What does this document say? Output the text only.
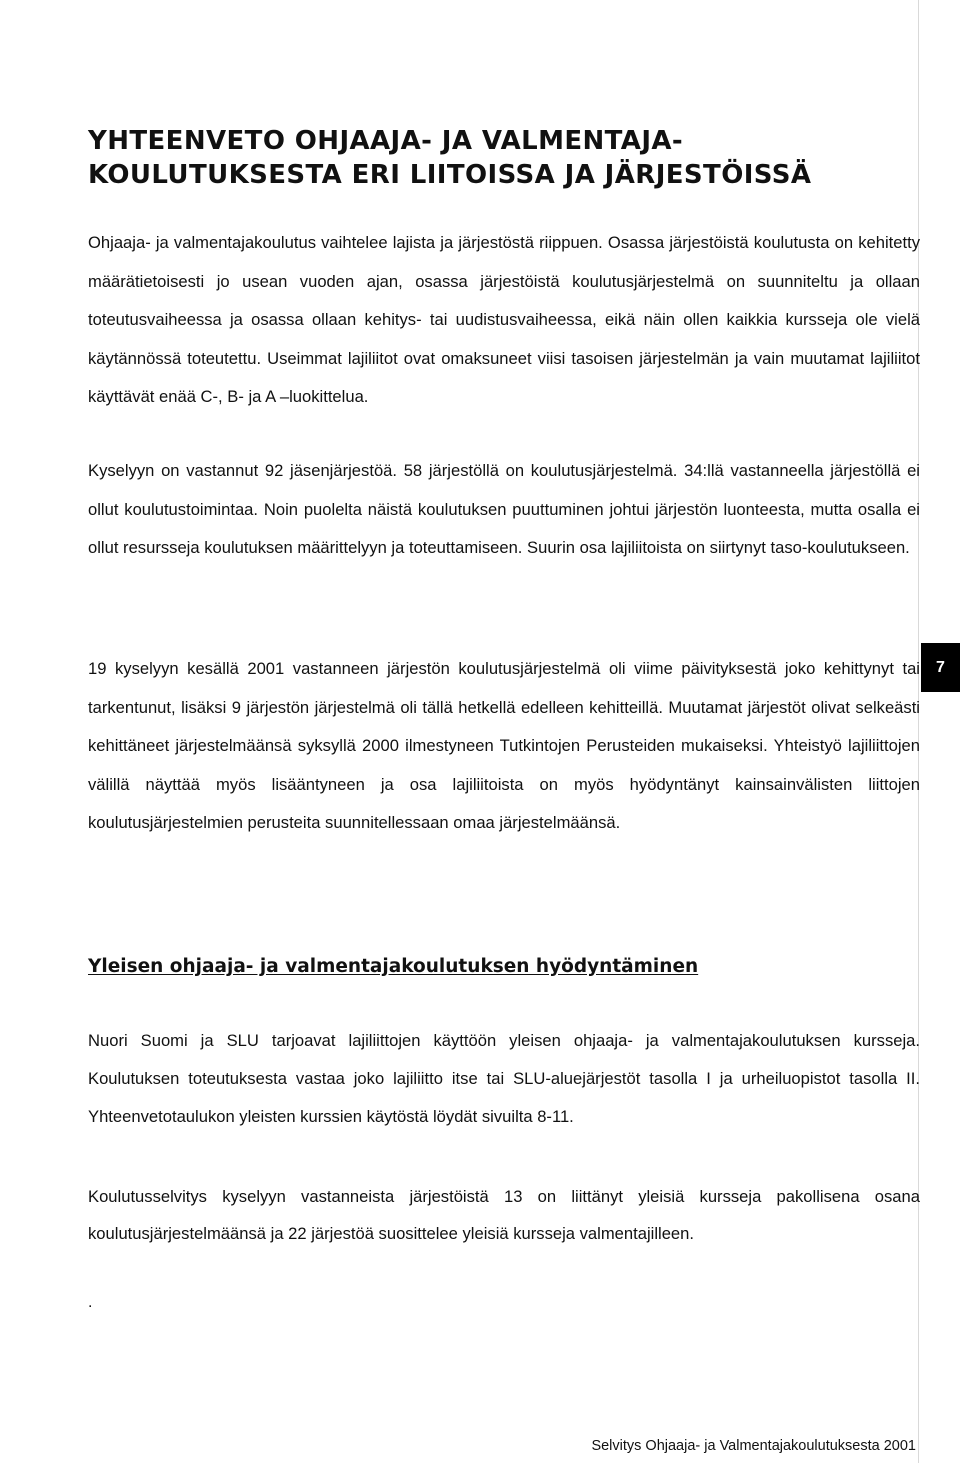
YHTEENVETO OHJAAJA- JA VALMENTAJA-
KOULUTUKSESTA ERI LIITOISSA JA JÄRJESTÖISSÄ

Ohjaaja- ja valmentajakoulutus vaihtelee lajista ja järjestöstä riippuen. Osassa järjestöistä koulutusta on kehitetty määrätietoisesti jo usean vuoden ajan, osassa järjestöistä koulutusjärjestelmä on suunniteltu ja ollaan toteutusvaiheessa ja osassa ollaan kehitys- tai uudistusvaiheessa, eikä näin ollen kaikkia kursseja ole vielä käytännössä toteutettu. Useimmat lajiliitot ovat omaksuneet viisi tasoisen järjestelmän ja vain muutamat lajiliitot käyttävät enää C-, B- ja A –luokittelua.

Kyselyyn on vastannut 92 jäsenjärjestöä. 58 järjestöllä on koulutusjärjestelmä. 34:llä vastanneella järjestöllä ei ollut koulutustoimintaa. Noin puolelta näistä koulutuksen puuttuminen johtui järjestön luonteesta, mutta osalla ei ollut resursseja koulutuksen määrittelyyn ja toteuttamiseen. Suurin osa lajiliitoista on siirtynyt taso-koulutukseen.

19 kyselyyn kesällä 2001 vastanneen järjestön koulutusjärjestelmä oli viime päivityksestä joko kehittynyt tai tarkentunut, lisäksi 9 järjestön järjestelmä oli tällä hetkellä edelleen kehitteillä. Muutamat järjestöt olivat selkeästi kehittäneet järjestelmäänsä syksyllä 2000 ilmestyneen Tutkintojen Perusteiden mukaiseksi. Yhteistyö lajiliittojen välillä näyttää myös lisääntyneen ja osa lajiliitoista on myös hyödyntänyt kainsainvälisten liittojen koulutusjärjestelmien perusteita suunnitellessaan omaa järjestelmäänsä.

Yleisen ohjaaja- ja valmentajakoulutuksen hyödyntäminen

Nuori Suomi ja SLU tarjoavat lajiliittojen käyttöön yleisen ohjaaja- ja valmentajakoulutuksen kursseja. Koulutuksen toteutuksesta vastaa joko lajiliitto itse tai SLU-aluejärjestöt tasolla I ja urheiluopistot tasolla II. Yhteenvetotaulukon yleisten kurssien käytöstä löydät sivuilta 8-11.

Koulutusselvitys kyselyyn vastanneista järjestöistä 13 on liittänyt yleisiä kursseja pakollisena osana koulutusjärjestelmäänsä ja 22 järjestöä suosittelee yleisiä kursseja valmentajilleen.

.
7
Selvitys Ohjaaja- ja Valmentajakoulutuksesta 2001
